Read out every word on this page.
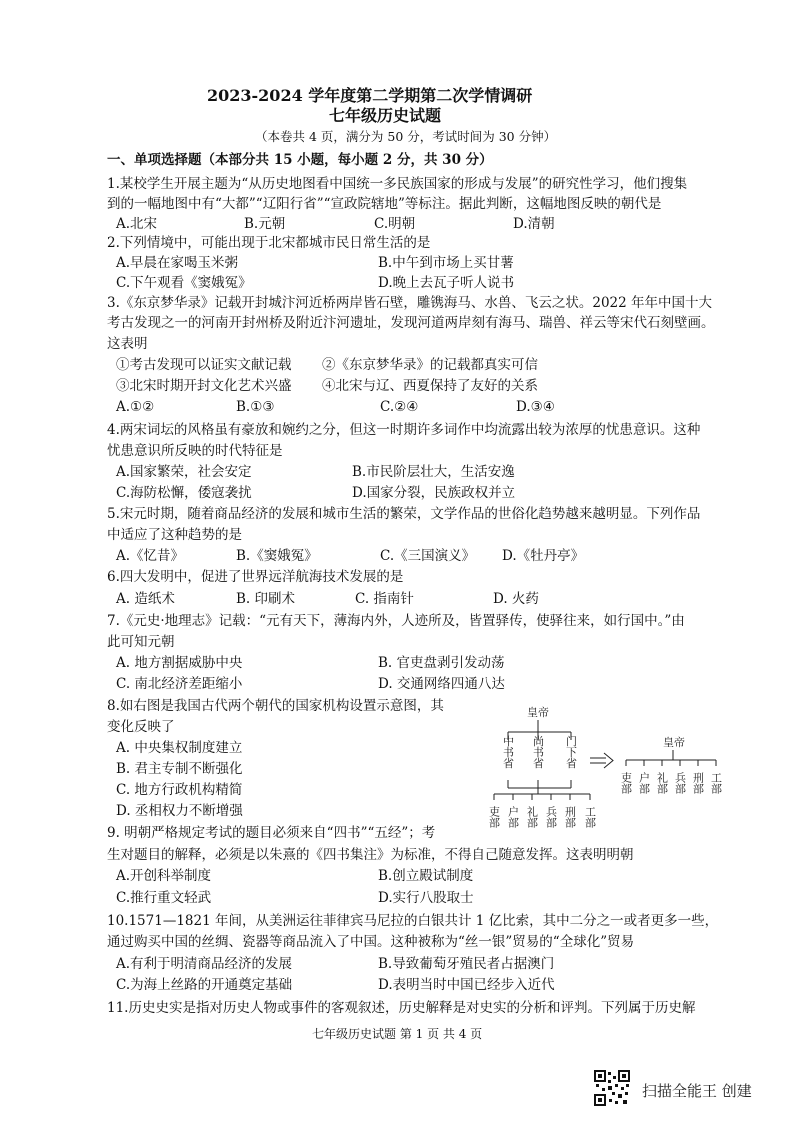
2023-2024 学年度第二学期第二次学情调研
七年级历史试题
（本卷共 4 页，满分为 50 分，考试时间为 30 分钟）
一、单项选择题（本部分共 15 小题，每小题 2 分，共 30 分）
1.某校学生开展主题为“从历史地图看中国统一多民族国家的形成与发展”的研究性学习，他们搜集
到的一幅地图中有“大都”“辽阳行省”“宣政院辖地”等标注。据此判断，这幅地图反映的朝代是
A.北宋	B.元朝	C.明朝	D.清朝
2.下列情境中，可能出现于北宋都城市民日常生活的是
A.早晨在家喝玉米粥	B.中午到市场上买甘薯
C.下午观看《窦娥冤》	D.晚上去瓦子听人说书
3.《东京梦华录》记载开封城汴河近桥两岸皆石壁，雕镌海马、水兽、飞云之状。2022 年年中国十大
考古发现之一的河南开封州桥及附近汴河遗址，发现河道两岸刻有海马、瑞兽、祥云等宋代石刻壁画。
这表明
①考古发现可以证实文献记载 ②《东京梦华录》的记载都真实可信
③北宋时期开封文化艺术兴盛 ④北宋与辽、西夏保持了友好的关系
A.①②	B.①③	C.②④	D.③④
4.两宋词坛的风格虽有豪放和婉约之分，但这一时期许多词作中均流露出较为浓厚的忧患意识。这种
忧患意识所反映的时代特征是
A.国家繁荣，社会安定	B.市民阶层壮大，生活安逸
C.海防松懈，倭寇袭扰	D.国家分裂，民族政权并立
5.宋元时期，随着商品经济的发展和城市生活的繁荣，文学作品的世俗化趋势越来越明显。下列作品
中适应了这种趋势的是
A.《忆昔》	B.《窦娥冤》	C.《三国演义》 D.《牡丹亭》
6.四大发明中，促进了世界远洋航海技术发展的是
A. 造纸术	B. 印刷术	C. 指南针	D. 火药
7.《元史·地理志》记载：“元有天下，薄海内外，人迹所及，皆置驿传，使驿往来，如行国中。”由
此可知元朝
A. 地方割据威胁中央	B. 官吏盘剥引发动荡
C. 南北经济差距缩小	D. 交通网络四通八达
8.如右图是我国古代两个朝代的国家机构设置示意图，其
变化反映了
A. 中央集权制度建立
B. 君主专制不断强化
C. 地方行政机构精简
D. 丞相权力不断增强
皇帝
皇帝
中书省 尚书省 门下省
吏部 户部 礼部 兵部 刑部 工部
吏部 户部 礼部 兵部 刑部 工部
9. 明朝严格规定考试的题目必须来自“四书”“五经”；考
生对题目的解释，必须是以朱熹的《四书集注》为标准，不得自己随意发挥。这表明明朝
A.开创科举制度	B.创立殿试制度
C.推行重文轻武	D.实行八股取士
10.1571—1821 年间，从美洲运往菲律宾马尼拉的白银共计 1 亿比索，其中二分之一或者更多一些，
通过购买中国的丝绸、瓷器等商品流入了中国。这种被称为“丝一银”贸易的“全球化”贸易
A.有利于明清商品经济的发展	B.导致葡萄牙殖民者占据澳门
C.为海上丝路的开通奠定基础	D.表明当时中国已经步入近代
11.历史史实是指对历史人物或事件的客观叙述，历史解释是对史实的分析和评判。下列属于历史解
七年级历史试题 第 1 页 共 4 页
扫描全能王 创建
